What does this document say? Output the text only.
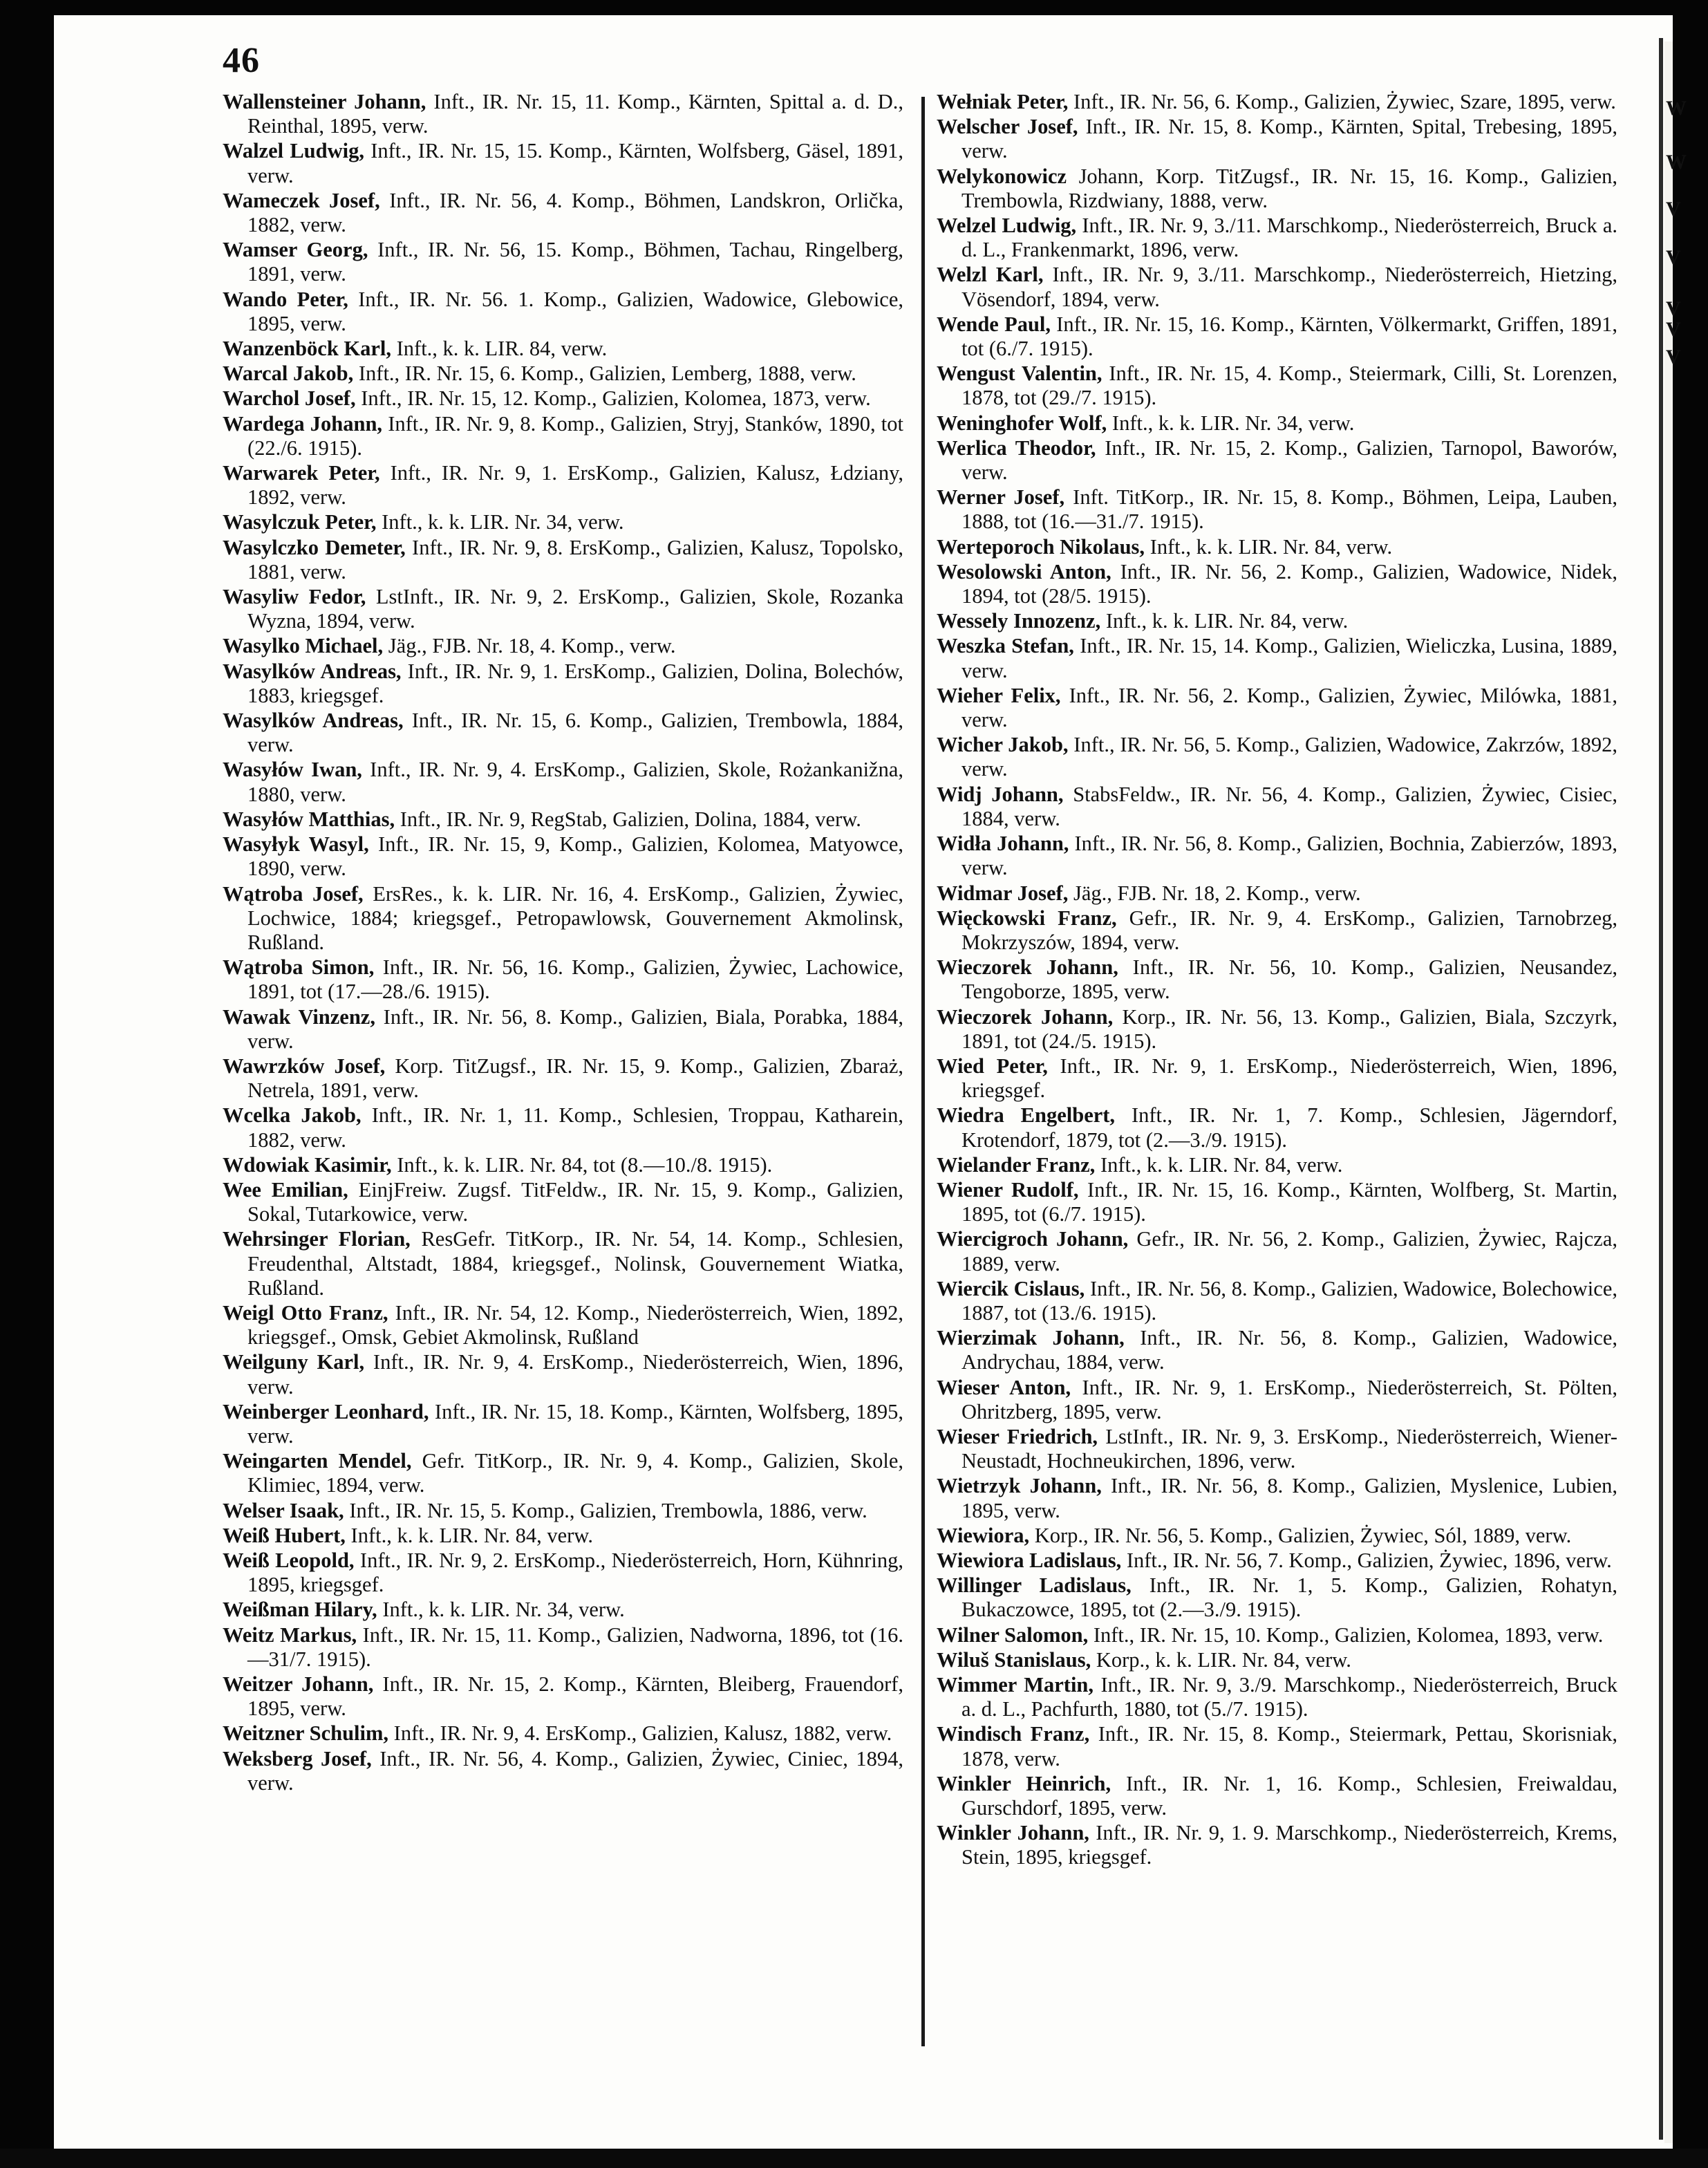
46

Wallensteiner Johann, Inft., IR. Nr. 15, 11. Komp., Kärnten, Spittal a. d. D., Reinthal, 1895, verw.

Walzel Ludwig, Inft., IR. Nr. 15, 15. Komp., Kärnten, Wolfsberg, Gäsel, 1891, verw.

Wameczek Josef, Inft., IR. Nr. 56, 4. Komp., Böhmen, Landskron, Orlička, 1882, verw.

Wamser Georg, Inft., IR. Nr. 56, 15. Komp., Böhmen, Tachau, Ringelberg, 1891, verw.

Wando Peter, Inft., IR. Nr. 56. 1. Komp., Galizien, Wadowice, Glebowice, 1895, verw.

Wanzenböck Karl, Inft., k. k. LIR. 84, verw.

Warcal Jakob, Inft., IR. Nr. 15, 6. Komp., Galizien, Lemberg, 1888, verw.

Warchol Josef, Inft., IR. Nr. 15, 12. Komp., Galizien, Kolomea, 1873, verw.

Wardega Johann, Inft., IR. Nr. 9, 8. Komp., Galizien, Stryj, Stanków, 1890, tot (22./6. 1915).

Warwarek Peter, Inft., IR. Nr. 9, 1. ErsKomp., Galizien, Kalusz, Łdziany, 1892, verw.

Wasylczuk Peter, Inft., k. k. LIR. Nr. 34, verw.

Wasylczko Demeter, Inft., IR. Nr. 9, 8. ErsKomp., Galizien, Kalusz, Topolsko, 1881, verw.

Wasyliw Fedor, LstInft., IR. Nr. 9, 2. ErsKomp., Galizien, Skole, Rozanka Wyzna, 1894, verw.

Wasylko Michael, Jäg., FJB. Nr. 18, 4. Komp., verw.

Wasylków Andreas, Inft., IR. Nr. 9, 1. ErsKomp., Galizien, Dolina, Bolechów, 1883, kriegsgef.

Wasylków Andreas, Inft., IR. Nr. 15, 6. Komp., Galizien, Trembowla, 1884, verw.

Wasyłów Iwan, Inft., IR. Nr. 9, 4. ErsKomp., Galizien, Skole, Rożankanižna, 1880, verw.

Wasyłów Matthias, Inft., IR. Nr. 9, RegStab, Galizien, Dolina, 1884, verw.

Wasyłyk Wasyl, Inft., IR. Nr. 15, 9, Komp., Galizien, Kolomea, Matyowce, 1890, verw.

Wątroba Josef, ErsRes., k. k. LIR. Nr. 16, 4. ErsKomp., Galizien, Żywiec, Lochwice, 1884; kriegsgef., Petropawlowsk, Gouvernement Akmolinsk, Rußland.

Wątroba Simon, Inft., IR. Nr. 56, 16. Komp., Galizien, Żywiec, Lachowice, 1891, tot (17.—28./6. 1915).

Wawak Vinzenz, Inft., IR. Nr. 56, 8. Komp., Galizien, Biala, Porabka, 1884, verw.

Wawrzków Josef, Korp. TitZugsf., IR. Nr. 15, 9. Komp., Galizien, Zbaraż, Netrela, 1891, verw.

Wcelka Jakob, Inft., IR. Nr. 1, 11. Komp., Schlesien, Troppau, Katharein, 1882, verw.

Wdowiak Kasimir, Inft., k. k. LIR. Nr. 84, tot (8.—10./8. 1915).

Wee Emilian, EinjFreiw. Zugsf. TitFeldw., IR. Nr. 15, 9. Komp., Galizien, Sokal, Tutarkowice, verw.

Wehrsinger Florian, ResGefr. TitKorp., IR. Nr. 54, 14. Komp., Schlesien, Freudenthal, Altstadt, 1884, kriegsgef., Nolinsk, Gouvernement Wiatka, Rußland.

Weigl Otto Franz, Inft., IR. Nr. 54, 12. Komp., Niederösterreich, Wien, 1892, kriegsgef., Omsk, Gebiet Akmolinsk, Rußland

Weilguny Karl, Inft., IR. Nr. 9, 4. ErsKomp., Niederösterreich, Wien, 1896, verw.

Weinberger Leonhard, Inft., IR. Nr. 15, 18. Komp., Kärnten, Wolfsberg, 1895, verw.

Weingarten Mendel, Gefr. TitKorp., IR. Nr. 9, 4. Komp., Galizien, Skole, Klimiec, 1894, verw.

Welser Isaak, Inft., IR. Nr. 15, 5. Komp., Galizien, Trembowla, 1886, verw.

Weiß Hubert, Inft., k. k. LIR. Nr. 84, verw.

Weiß Leopold, Inft., IR. Nr. 9, 2. ErsKomp., Niederösterreich, Horn, Kühnring, 1895, kriegsgef.

Weißman Hilary, Inft., k. k. LIR. Nr. 34, verw.

Weitz Markus, Inft., IR. Nr. 15, 11. Komp., Galizien, Nadworna, 1896, tot (16.—31/7. 1915).

Weitzer Johann, Inft., IR. Nr. 15, 2. Komp., Kärnten, Bleiberg, Frauendorf, 1895, verw.

Weitzner Schulim, Inft., IR. Nr. 9, 4. ErsKomp., Galizien, Kalusz, 1882, verw.

Weksberg Josef, Inft., IR. Nr. 56, 4. Komp., Galizien, Żywiec, Ciniec, 1894, verw.

Wełniak Peter, Inft., IR. Nr. 56, 6. Komp., Galizien, Żywiec, Szare, 1895, verw.

Welscher Josef, Inft., IR. Nr. 15, 8. Komp., Kärnten, Spital, Trebesing, 1895, verw.

Welykonowicz Johann, Korp. TitZugsf., IR. Nr. 15, 16. Komp., Galizien, Trembowla, Rizdwiany, 1888, verw.

Welzel Ludwig, Inft., IR. Nr. 9, 3./11. Marschkomp., Niederösterreich, Bruck a. d. L., Frankenmarkt, 1896, verw.

Welzl Karl, Inft., IR. Nr. 9, 3./11. Marschkomp., Niederösterreich, Hietzing, Vösendorf, 1894, verw.

Wende Paul, Inft., IR. Nr. 15, 16. Komp., Kärnten, Völkermarkt, Griffen, 1891, tot (6./7. 1915).

Wengust Valentin, Inft., IR. Nr. 15, 4. Komp., Steiermark, Cilli, St. Lorenzen, 1878, tot (29./7. 1915).

Weninghofer Wolf, Inft., k. k. LIR. Nr. 34, verw.

Werlica Theodor, Inft., IR. Nr. 15, 2. Komp., Galizien, Tarnopol, Baworów, verw.

Werner Josef, Inft. TitKorp., IR. Nr. 15, 8. Komp., Böhmen, Leipa, Lauben, 1888, tot (16.—31./7. 1915).

Werteporoch Nikolaus, Inft., k. k. LIR. Nr. 84, verw.

Wesolowski Anton, Inft., IR. Nr. 56, 2. Komp., Galizien, Wadowice, Nidek, 1894, tot (28/5. 1915).

Wessely Innozenz, Inft., k. k. LIR. Nr. 84, verw.

Weszka Stefan, Inft., IR. Nr. 15, 14. Komp., Galizien, Wieliczka, Lusina, 1889, verw.

Wieher Felix, Inft., IR. Nr. 56, 2. Komp., Galizien, Żywiec, Milówka, 1881, verw.

Wicher Jakob, Inft., IR. Nr. 56, 5. Komp., Galizien, Wadowice, Zakrzów, 1892, verw.

Widj Johann, StabsFeldw., IR. Nr. 56, 4. Komp., Galizien, Żywiec, Cisiec, 1884, verw.

Widła Johann, Inft., IR. Nr. 56, 8. Komp., Galizien, Bochnia, Zabierzów, 1893, verw.

Widmar Josef, Jäg., FJB. Nr. 18, 2. Komp., verw.

Więckowski Franz, Gefr., IR. Nr. 9, 4. ErsKomp., Galizien, Tarnobrzeg, Mokrzyszów, 1894, verw.

Wieczorek Johann, Inft., IR. Nr. 56, 10. Komp., Galizien, Neusandez, Tengoborze, 1895, verw.

Wieczorek Johann, Korp., IR. Nr. 56, 13. Komp., Galizien, Biala, Szczyrk, 1891, tot (24./5. 1915).

Wied Peter, Inft., IR. Nr. 9, 1. ErsKomp., Niederösterreich, Wien, 1896, kriegsgef.

Wiedra Engelbert, Inft., IR. Nr. 1, 7. Komp., Schlesien, Jägerndorf, Krotendorf, 1879, tot (2.—3./9. 1915).

Wielander Franz, Inft., k. k. LIR. Nr. 84, verw.

Wiener Rudolf, Inft., IR. Nr. 15, 16. Komp., Kärnten, Wolfberg, St. Martin, 1895, tot (6./7. 1915).

Wiercigroch Johann, Gefr., IR. Nr. 56, 2. Komp., Galizien, Żywiec, Rajcza, 1889, verw.

Wiercik Cislaus, Inft., IR. Nr. 56, 8. Komp., Galizien, Wadowice, Bolechowice, 1887, tot (13./6. 1915).

Wierzimak Johann, Inft., IR. Nr. 56, 8. Komp., Galizien, Wadowice, Andrychau, 1884, verw.

Wieser Anton, Inft., IR. Nr. 9, 1. ErsKomp., Niederösterreich, St. Pölten, Ohritzberg, 1895, verw.

Wieser Friedrich, LstInft., IR. Nr. 9, 3. ErsKomp., Niederösterreich, Wiener-Neustadt, Hochneukirchen, 1896, verw.

Wietrzyk Johann, Inft., IR. Nr. 56, 8. Komp., Galizien, Myslenice, Lubien, 1895, verw.

Wiewiora, Korp., IR. Nr. 56, 5. Komp., Galizien, Żywiec, Sól, 1889, verw.

Wiewiora Ladislaus, Inft., IR. Nr. 56, 7. Komp., Galizien, Żywiec, 1896, verw.

Willinger Ladislaus, Inft., IR. Nr. 1, 5. Komp., Galizien, Rohatyn, Bukaczowce, 1895, tot (2.—3./9. 1915).

Wilner Salomon, Inft., IR. Nr. 15, 10. Komp., Galizien, Kolomea, 1893, verw.

Wiluš Stanislaus, Korp., k. k. LIR. Nr. 84, verw.

Wimmer Martin, Inft., IR. Nr. 9, 3./9. Marschkomp., Niederösterreich, Bruck a. d. L., Pachfurth, 1880, tot (5./7. 1915).

Windisch Franz, Inft., IR. Nr. 15, 8. Komp., Steiermark, Pettau, Skorisniak, 1878, verw.

Winkler Heinrich, Inft., IR. Nr. 1, 16. Komp., Schlesien, Freiwaldau, Gurschdorf, 1895, verw.

Winkler Johann, Inft., IR. Nr. 9, 1. 9. Marschkomp., Niederösterreich, Krems, Stein, 1895, kriegsgef.

W
W
V
V
V
V
V
